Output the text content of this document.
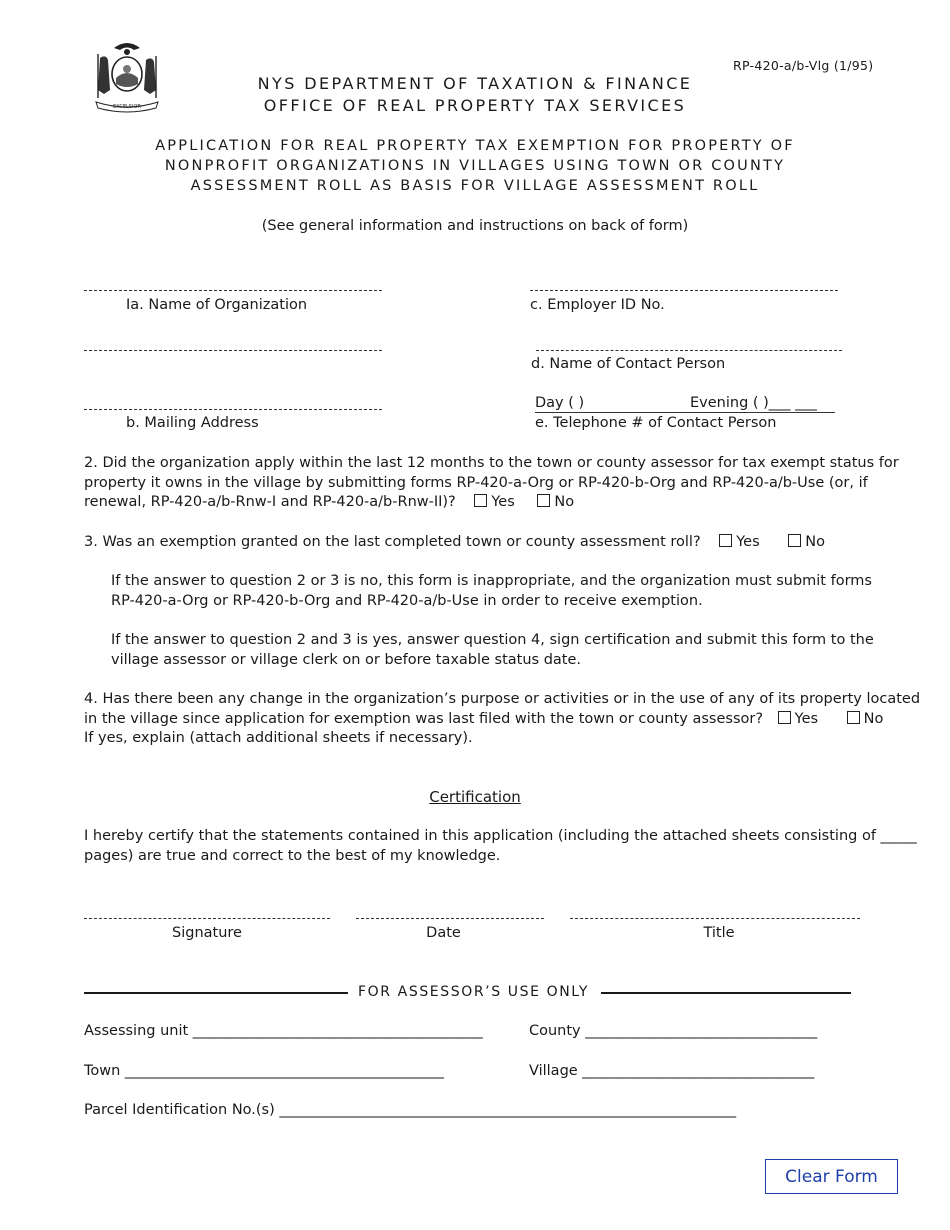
RP-420-a/b-Vlg (1/95)
EXCELSIOR
NYS DEPARTMENT OF TAXATION & FINANCE
OFFICE OF REAL PROPERTY TAX SERVICES
APPLICATION FOR REAL PROPERTY TAX EXEMPTION FOR PROPERTY OF
NONPROFIT ORGANIZATIONS IN VILLAGES USING TOWN OR COUNTY
ASSESSMENT ROLL AS BASIS FOR VILLAGE ASSESSMENT ROLL
(See general information and instructions on back of form)
Ia. Name of Organization	c. Employer ID No.
d. Name of Contact Person
b. Mailing Address
Day ( )	Evening ( )___ ___
e. Telephone # of Contact Person
2. Did the organization apply within the last 12 months to the town or county assessor for tax exempt status for
property it owns in the village by submitting forms RP-420-a-Org or RP-420-b-Org and RP-420-a/b-Use (or, if
renewal, RP-420-a/b-Rnw-I and RP-420-a/b-Rnw-II)? Yes	No
3. Was an exemption granted on the last completed town or county assessment roll? Yes	No
If the answer to question 2 or 3 is no, this form is inappropriate, and the organization must submit forms
RP-420-a-Org or RP-420-b-Org and RP-420-a/b-Use in order to receive exemption.
If the answer to question 2 and 3 is yes, answer question 4, sign certification and submit this form to the
village assessor or village clerk on or before taxable status date.
4. Has there been any change in the organization’s purpose or activities or in the use of any of its property located
in the village since application for exemption was last filed with the town or county assessor? Yes	No
If yes, explain (attach additional sheets if necessary).
Certification
I hereby certify that the statements contained in this application (including the attached sheets consisting of _____
pages) are true and correct to the best of my knowledge.
Signature	Date	Title
FOR ASSESSOR’S USE ONLY
Assessing unit ________________________________________	County ________________________________
Town ____________________________________________	Village ________________________________
Parcel Identification No.(s) _______________________________________________________________
Clear Form
